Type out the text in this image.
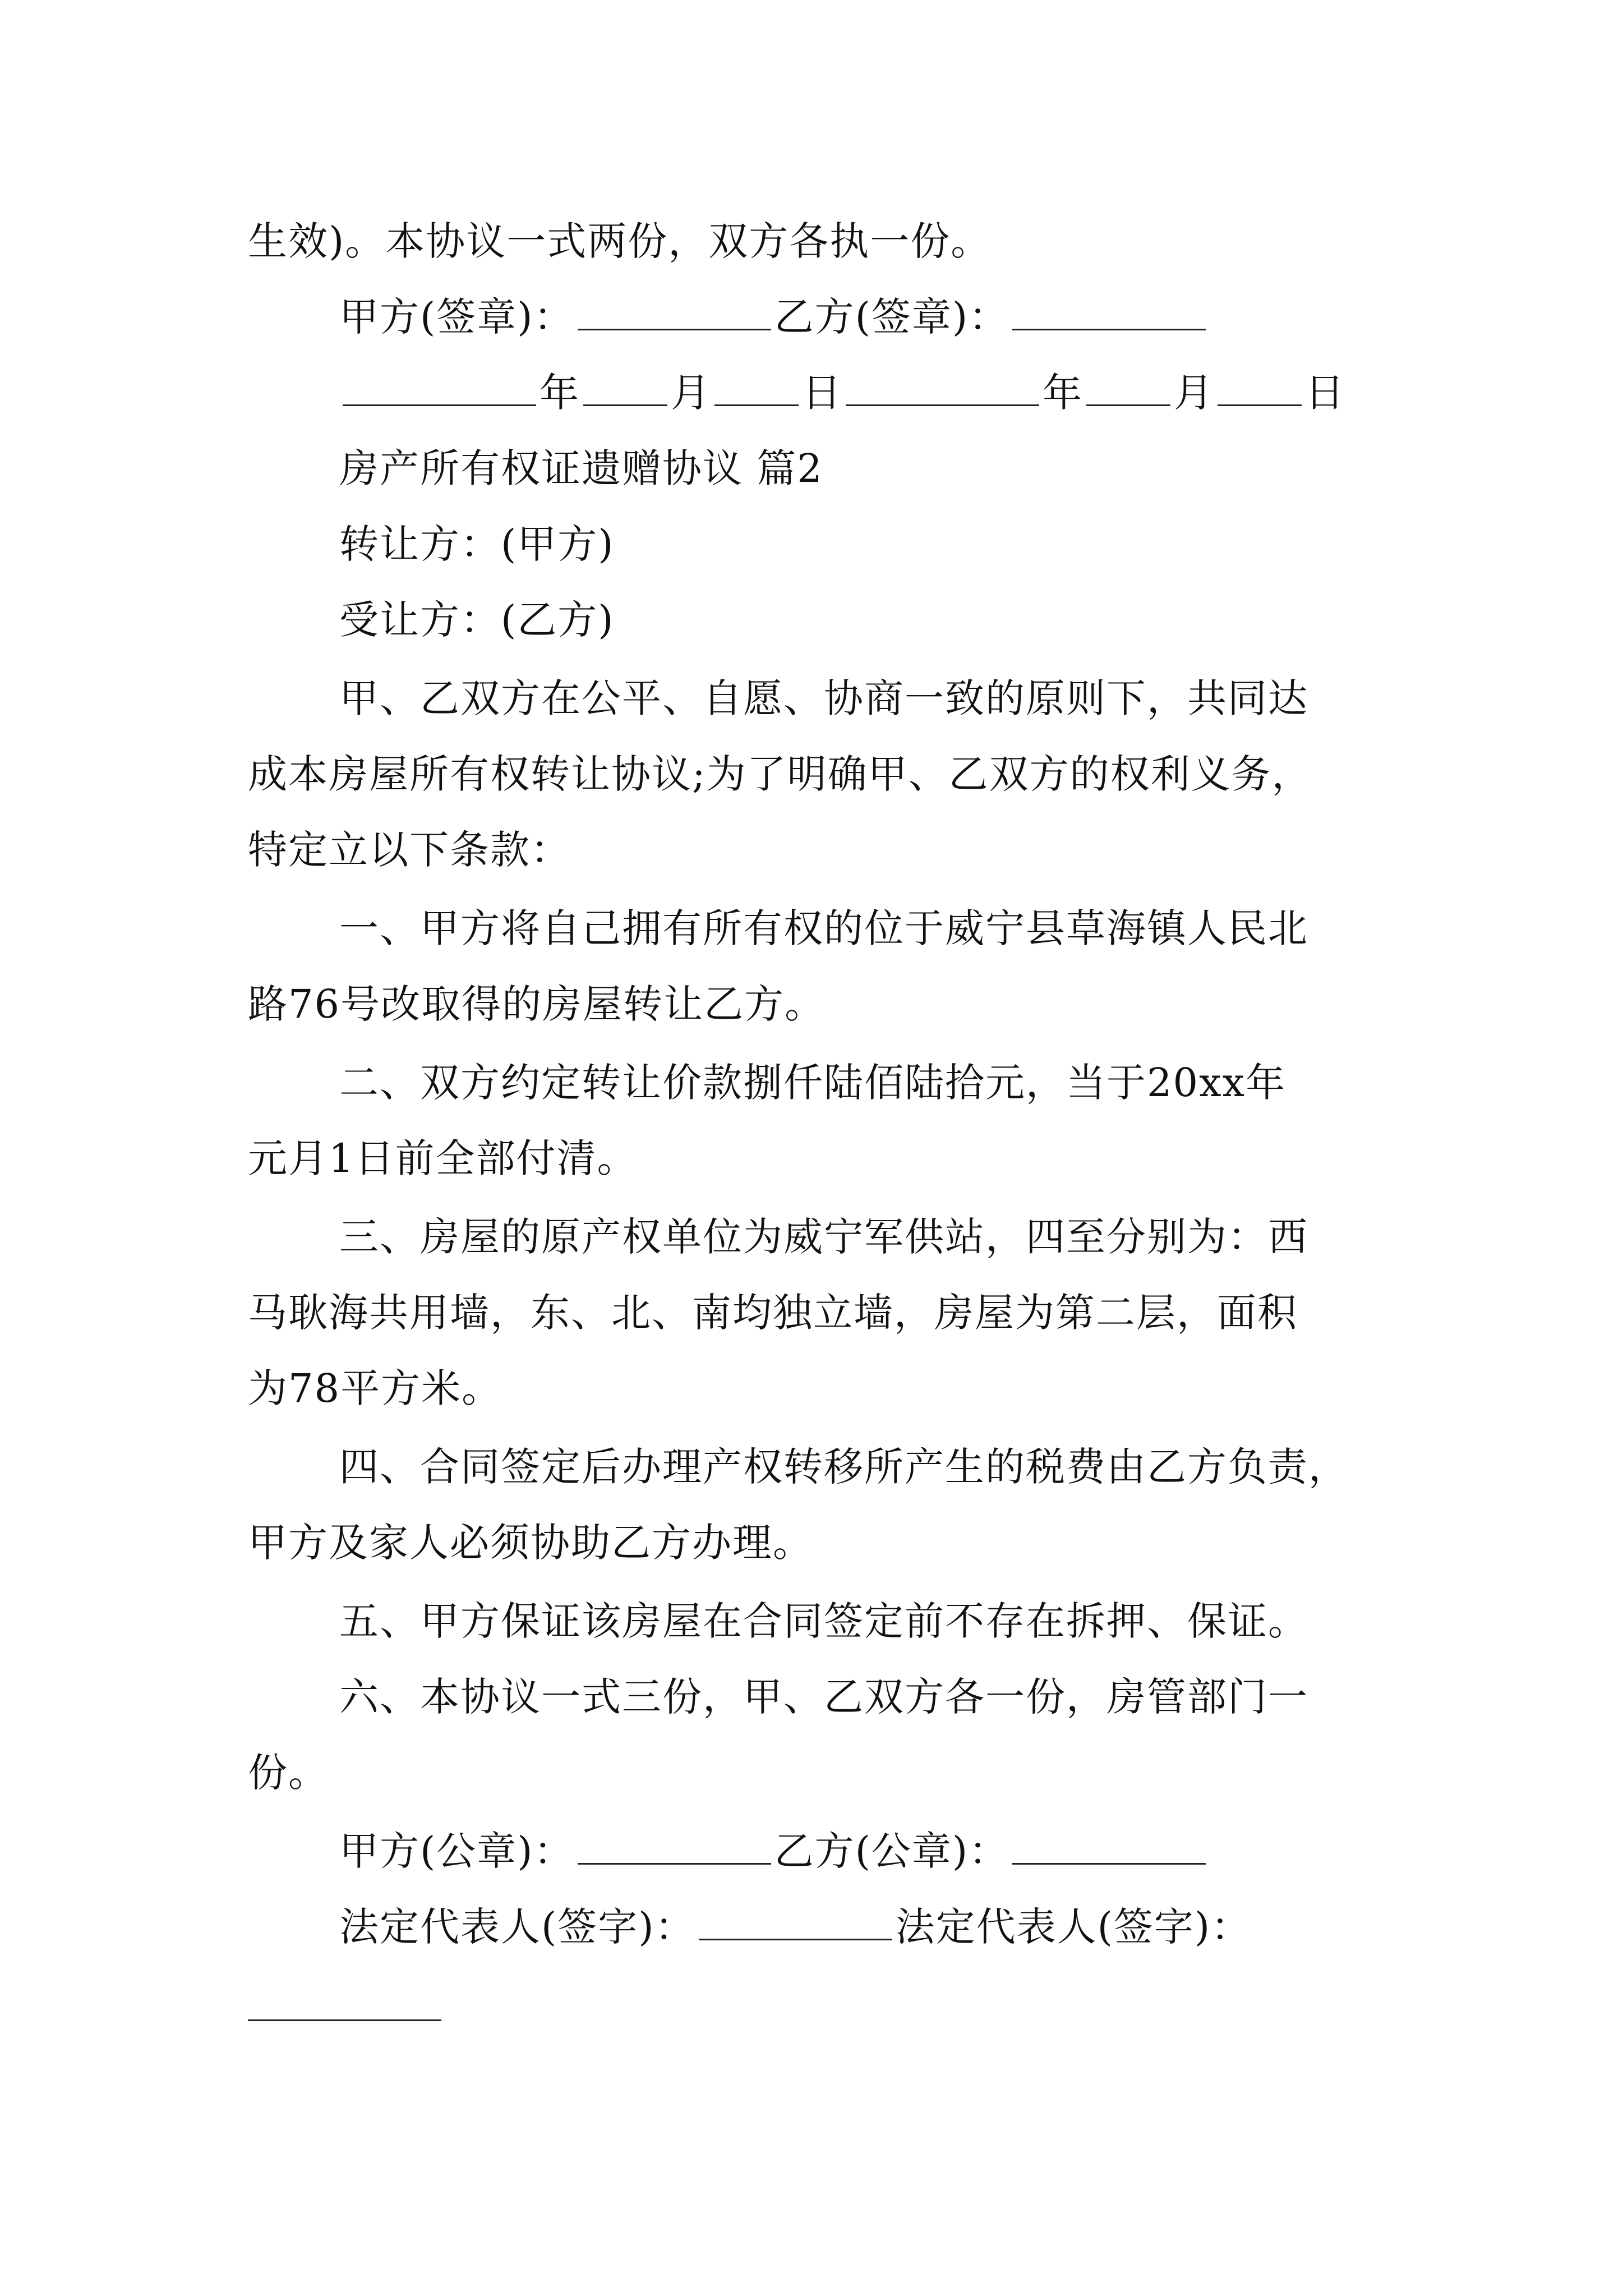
生效)。本协议一式两份，双方各执一份。
甲方(签章)：	乙方(签章)：
年 月 日	年 月 日
房产所有权证遗赠协议 篇2
转让方：(甲方)
受让方：(乙方)
甲、乙双方在公平、自愿、协商一致的原则下，共同达
成本房屋所有权转让协议;为了明确甲、乙双方的权利义务，
特定立以下条款：
一、甲方将自己拥有所有权的位于威宁县草海镇人民北
路76号改取得的房屋转让乙方。
二、双方约定转让价款捌仟陆佰陆拾元，当于20xx年
元月1日前全部付清。
三、房屋的原产权单位为威宁军供站，四至分别为：西
马耿海共用墙，东、北、南均独立墙，房屋为第二层，面积
为78平方米。
四、合同签定后办理产权转移所产生的税费由乙方负责，
甲方及家人必须协助乙方办理。
五、甲方保证该房屋在合同签定前不存在拆押、保证。
六、本协议一式三份，甲、乙双方各一份，房管部门一
份。
甲方(公章)：	乙方(公章)：
法定代表人(签字)：	法定代表人(签字)：
